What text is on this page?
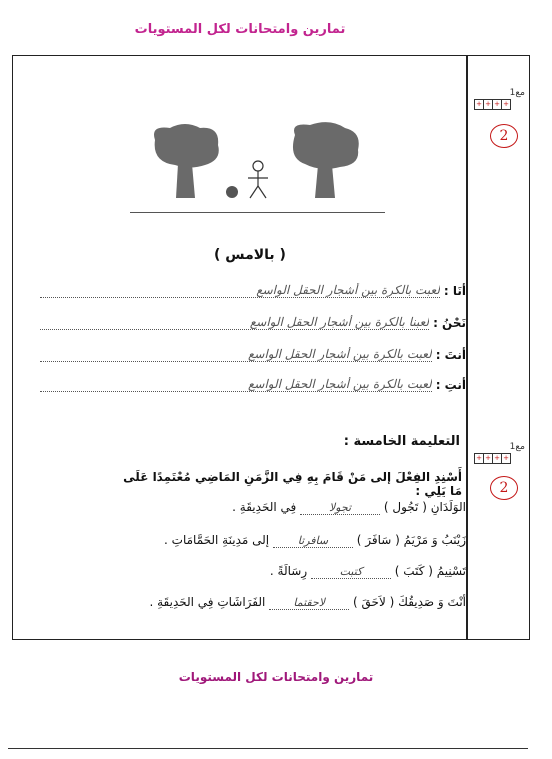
تمارين وامتحانات لكل المستويات
مع1
+ + + +
2
مع1
+ + + +
2
( بالامس )
أنَا :
لعبت بالكرة بين أشجار الحقل الواسع
نَحْنُ :
لعبنا بالكرة بين أشجار الحقل الواسع
أنتَ :
لعبت بالكرة بين أشجار الحقل الواسع
أنتِ :
لعبت بالكرة بين أشجار الحقل الواسع
التعليمة الخامسة :
أَسْنِدِ الفِعْلَ إلى مَنْ قَامَ بِهِ فِي الزَّمَنِ المَاضِي مُعْتَمِدًا عَلَى مَا يَلِي :
الوَلَدَانِ ( تَجُول ) تجولا فِي الحَدِيقَةِ .
زَيْنَبُ وَ مَرْيَمُ ( سَافَرَ ) سافرتا إلى مَدِينَةِ الحَمَّامَاتِ .
تَسْنِيمُ ( كَتَبَ ) كتبت رِسَالَةً .
أنْتَ وَ صَدِيقُكَ ( لاَحَقَ ) لاحقتما الفَرَاشَاتِ فِي الحَدِيقَةِ .
تمارين وامتحانات لكل المستويات
